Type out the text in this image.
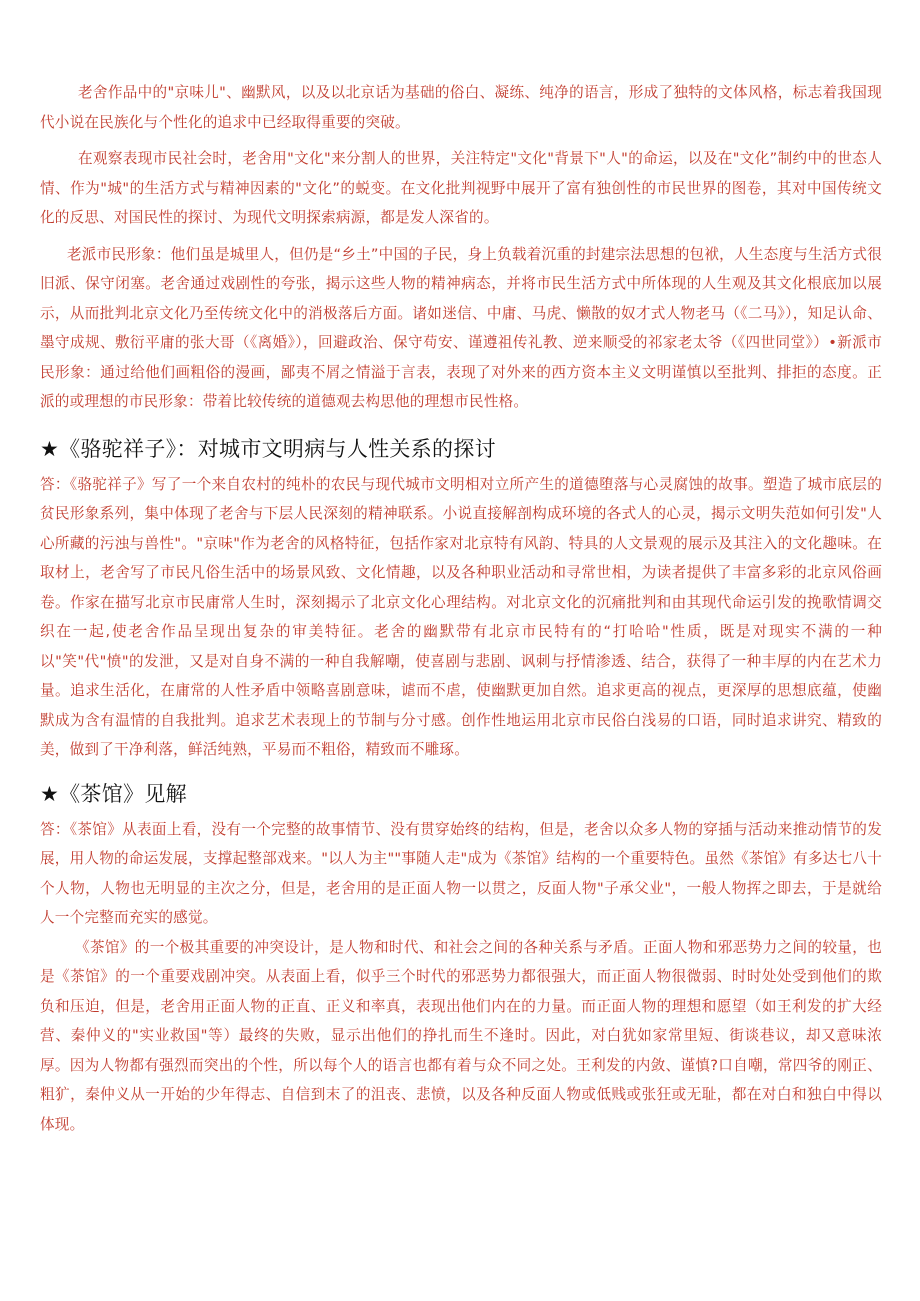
老舍作品中的"京味儿"、幽默风，以及以北京话为基础的俗白、凝练、纯净的语言，形成了独特的文体风格，标志着我国现代小说在民族化与个性化的追求中已经取得重要的突破。

在观察表现市民社会时，老舍用"文化"来分割人的世界，关注特定"文化"背景下"人"的命运，以及在"文化”制约中的世态人情、作为"城"的生活方式与精神因素的"文化”的蜕变。在文化批判视野中展开了富有独创性的市民世界的图卷，其对中国传统文化的反思、对国民性的探讨、为现代文明探索病源，都是发人深省的。

老派市民形象：他们虽是城里人，但仍是“乡土”中国的子民，身上负载着沉重的封建宗法思想的包袱，人生态度与生活方式很旧派、保守闭塞。老舍通过戏剧性的夸张，揭示这些人物的精神病态，并将市民生活方式中所体现的人生观及其文化根底加以展示，从而批判北京文化乃至传统文化中的消极落后方面。诸如迷信、中庸、马虎、懒散的奴才式人物老马（《二马》），知足认命、墨守成规、敷衍平庸的张大哥（《离婚》），回避政治、保守苟安、谨遵祖传礼教、逆来顺受的祁家老太爷（《四世同堂》）•新派市民形象：通过给他们画粗俗的漫画，鄙夷不屑之情溢于言表，表现了对外来的西方资本主义文明谨慎以至批判、排拒的态度。正派的或理想的市民形象：带着比较传统的道德观去构思他的理想市民性格。

★《骆驼祥子》：对城市文明病与人性关系的探讨

答：《骆驼祥子》写了一个来自农村的纯朴的农民与现代城市文明相对立所产生的道德堕落与心灵腐蚀的故事。塑造了城市底层的贫民形象系列，集中体现了老舍与下层人民深刻的精神联系。小说直接解剖构成环境的各式人的心灵，揭示文明失范如何引发"人心所藏的污浊与兽性"。"京味"作为老舍的风格特征，包括作家对北京特有风韵、特具的人文景观的展示及其注入的文化趣味。在取材上，老舍写了市民凡俗生活中的场景风致、文化情趣，以及各种职业活动和寻常世相，为读者提供了丰富多彩的北京风俗画卷。作家在描写北京市民庸常人生时，深刻揭示了北京文化心理结构。对北京文化的沉痛批判和由其现代命运引发的挽歌情调交织在一起,使老舍作品呈现出复杂的审美特征。老舍的幽默带有北京市民特有的“打哈哈"性质，既是对现实不满的一种以"笑"代"愤"的发泄，又是对自身不满的一种自我解嘲，使喜剧与悲剧、讽刺与抒情渗透、结合，获得了一种丰厚的内在艺术力量。追求生活化，在庸常的人性矛盾中领略喜剧意味，谑而不虐，使幽默更加自然。追求更高的视点，更深厚的思想底蕴，使幽默成为含有温情的自我批判。追求艺术表现上的节制与分寸感。创作性地运用北京市民俗白浅易的口语，同时追求讲究、精致的美，做到了干净利落，鲜活纯熟，平易而不粗俗，精致而不雕琢。

★《茶馆》见解

答：《茶馆》从表面上看，没有一个完整的故事情节、没有贯穿始终的结构，但是，老舍以众多人物的穿插与活动来推动情节的发展，用人物的命运发展，支撑起整部戏来。"以人为主""事随人走"成为《茶馆》结构的一个重要特色。虽然《茶馆》有多达七八十个人物，人物也无明显的主次之分，但是，老舍用的是正面人物一以贯之，反面人物"子承父业"，一般人物挥之即去，于是就给人一个完整而充实的感觉。

《茶馆》的一个极其重要的冲突设计，是人物和时代、和社会之间的各种关系与矛盾。正面人物和邪恶势力之间的较量，也是《茶馆》的一个重要戏剧冲突。从表面上看，似乎三个时代的邪恶势力都很强大，而正面人物很微弱、时时处处受到他们的欺负和压迫，但是，老舍用正面人物的正直、正义和率真，表现出他们内在的力量。而正面人物的理想和愿望（如王利发的扩大经营、秦仲义的"实业救国"等）最终的失败，显示出他们的挣扎而生不逢时。因此，对白犹如家常里短、街谈巷议，却又意味浓厚。因为人物都有强烈而突出的个性，所以每个人的语言也都有着与众不同之处。王利发的内敛、谨慎?口自嘲，常四爷的刚正、粗犷，秦仲义从一开始的少年得志、自信到末了的沮丧、悲愤，以及各种反面人物或低贱或张狂或无耻，都在对白和独白中得以体现。
